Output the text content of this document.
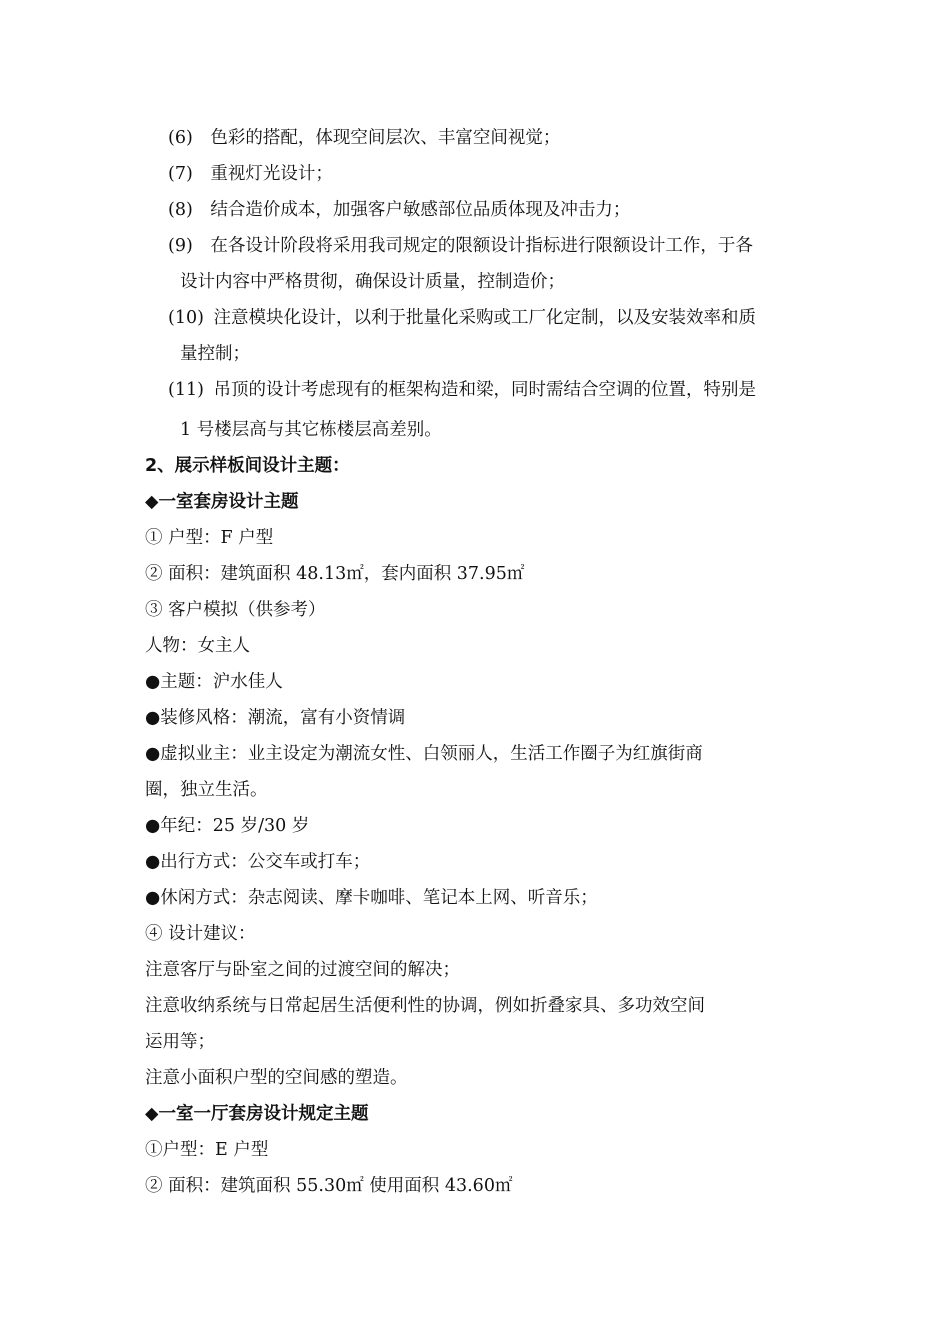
(6) 色彩的搭配，体现空间层次、丰富空间视觉；
(7) 重视灯光设计；
(8) 结合造价成本，加强客户敏感部位品质体现及冲击力；
(9) 在各设计阶段将采用我司规定的限额设计指标进行限额设计工作，于各
设计内容中严格贯彻，确保设计质量，控制造价；
(10) 注意模块化设计，以利于批量化采购或工厂化定制，以及安装效率和质
量控制；
(11) 吊顶的设计考虑现有的框架构造和梁，同时需结合空调的位置，特别是
1 号楼层高与其它栋楼层高差别。
2、展示样板间设计主题：
◆一室套房设计主题
① 户型：F 户型
② 面积：建筑面积 48.13㎡，套内面积 37.95㎡
③ 客户模拟（供参考）
人物：女主人
●主题：沪水佳人
●装修风格：潮流，富有小资情调
●虚拟业主：业主设定为潮流女性、白领丽人，生活工作圈子为红旗街商
圈，独立生活。
●年纪：25 岁/30 岁
●出行方式：公交车或打车；
●休闲方式：杂志阅读、摩卡咖啡、笔记本上网、听音乐；
④ 设计建议：
注意客厅与卧室之间的过渡空间的解决；
注意收纳系统与日常起居生活便利性的协调，例如折叠家具、多功效空间
运用等；
注意小面积户型的空间感的塑造。
◆一室一厅套房设计规定主题
①户型：E 户型
② 面积：建筑面积 55.30㎡ 使用面积 43.60㎡
